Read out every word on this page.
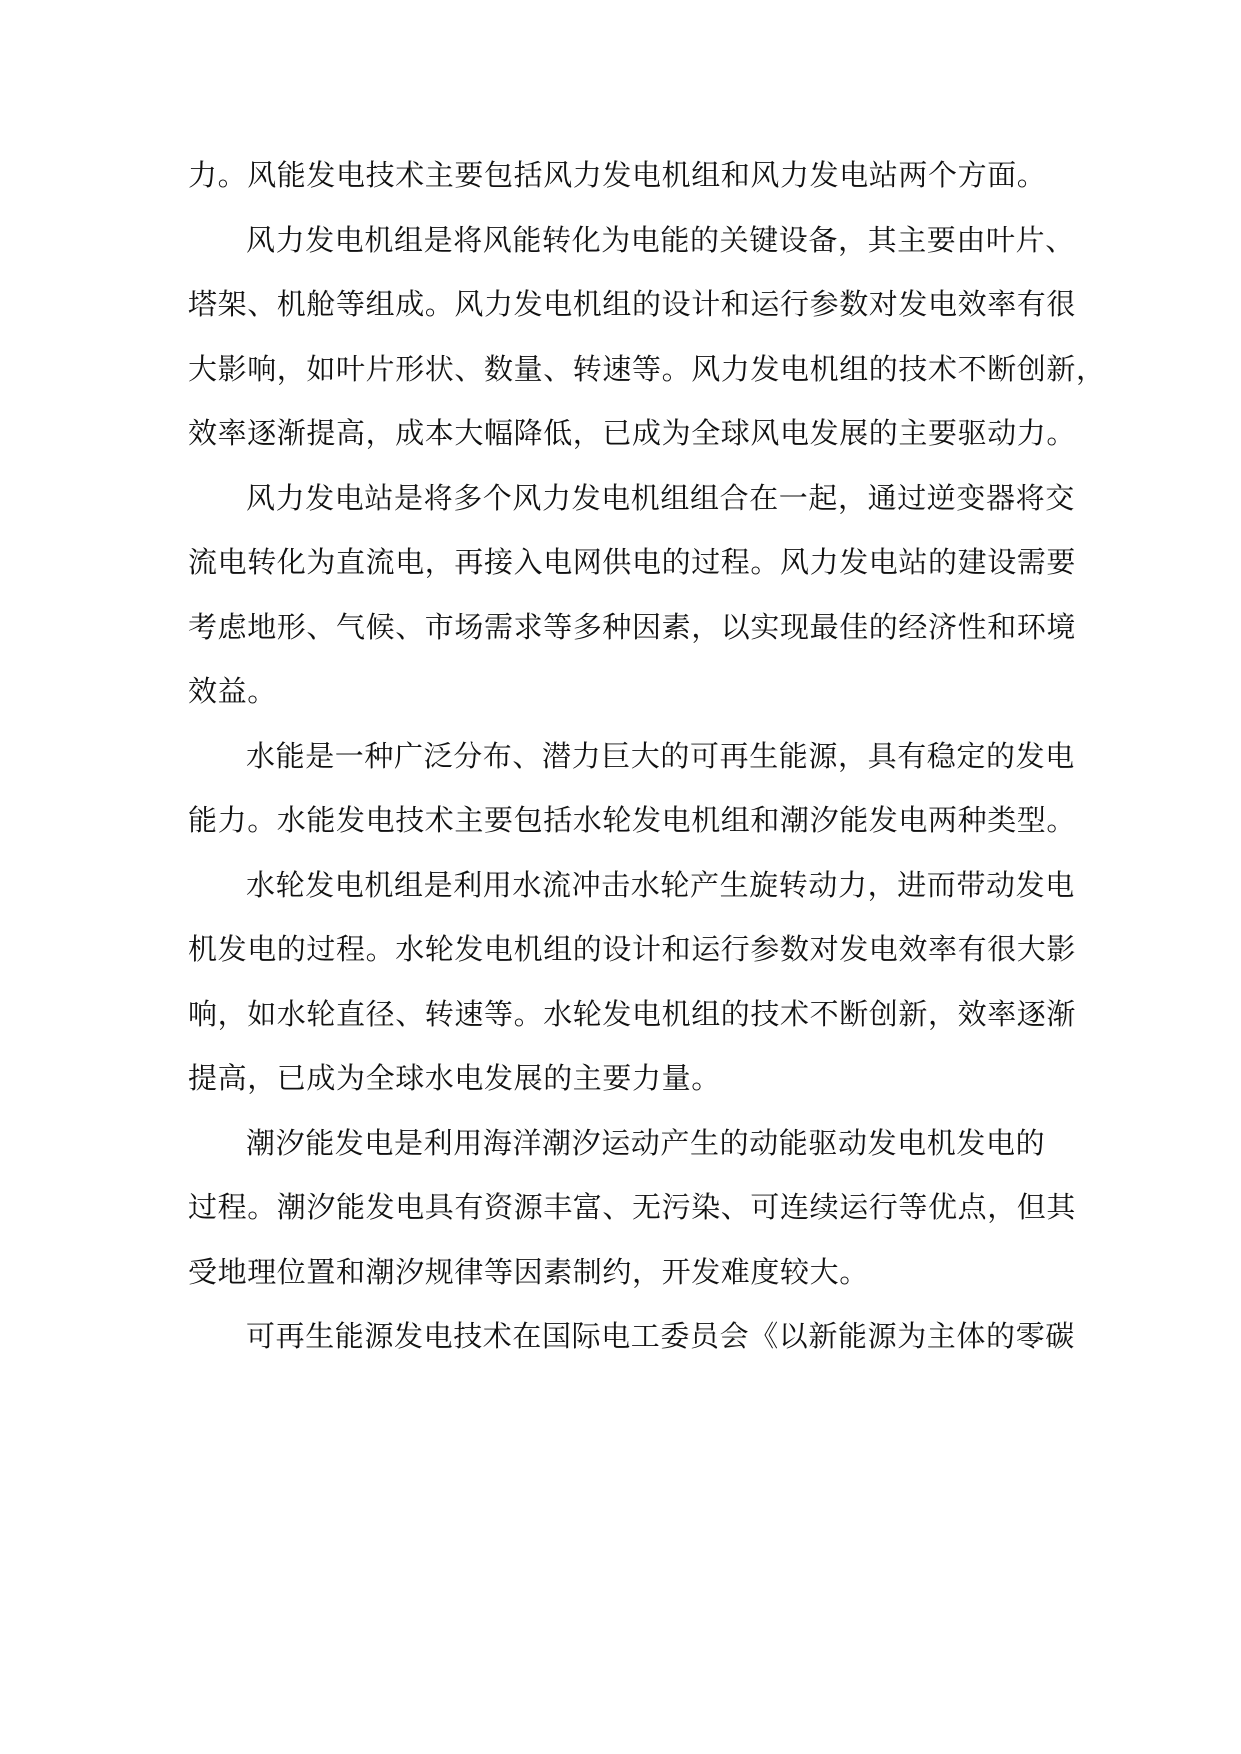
力。风能发电技术主要包括风力发电机组和风力发电站两个方面。
风力发电机组是将风能转化为电能的关键设备，其主要由叶片、
塔架、机舱等组成。风力发电机组的设计和运行参数对发电效率有很
大影响，如叶片形状、数量、转速等。风力发电机组的技术不断创新，
效率逐渐提高，成本大幅降低，已成为全球风电发展的主要驱动力。
风力发电站是将多个风力发电机组组合在一起，通过逆变器将交
流电转化为直流电，再接入电网供电的过程。风力发电站的建设需要
考虑地形、气候、市场需求等多种因素，以实现最佳的经济性和环境
效益。
水能是一种广泛分布、潜力巨大的可再生能源，具有稳定的发电
能力。水能发电技术主要包括水轮发电机组和潮汐能发电两种类型。
水轮发电机组是利用水流冲击水轮产生旋转动力，进而带动发电
机发电的过程。水轮发电机组的设计和运行参数对发电效率有很大影
响，如水轮直径、转速等。水轮发电机组的技术不断创新，效率逐渐
提高，已成为全球水电发展的主要力量。
潮汐能发电是利用海洋潮汐运动产生的动能驱动发电机发电的
过程。潮汐能发电具有资源丰富、无污染、可连续运行等优点，但其
受地理位置和潮汐规律等因素制约，开发难度较大。
可再生能源发电技术在国际电工委员会《以新能源为主体的零碳
